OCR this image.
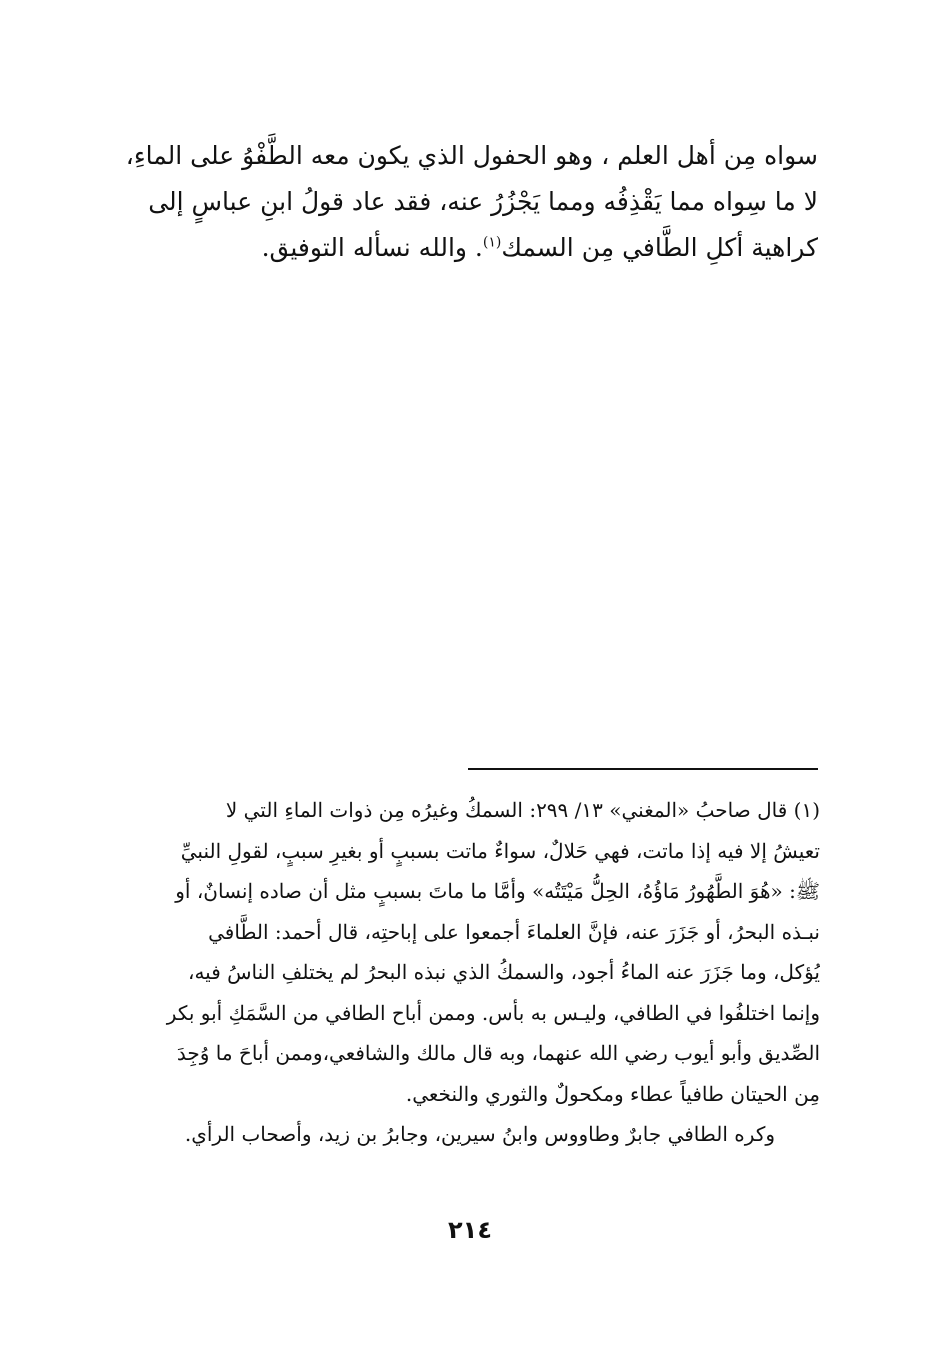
سواه مِن أهل العلم ، وهو الحفول الذي يكون معه الطَّفْوُ على الماءِ،
لا ما سِواه مما يَقْذِفُه ومما يَجْزُرُ عنه، فقد عاد قولُ ابنِ عباسٍ إلى
كراهية أكلِ الطَّافي مِن السمك$^{(١)}$. والله نسأله التوفيق.
(١) قال صاحبُ «المغني» ١٣/ ٢٩٩: السمكُ وغيرُه مِن ذوات الماءِ التي لا
تعيشُ إلا فيه إذا ماتت، فهي حَلالٌ، سواءٌ ماتت بسببٍ أو بغيرِ سببٍ، لقولِ النبيِّ
ﷺ: «هُوَ الطَّهُورُ مَاؤُهُ، الحِلُّ مَيْتَتُه» وأمَّا ما ماتَ بسببٍ مثل أن صاده إنسانٌ، أو
نبـذه البحرُ، أو جَزَرَ عنه، فإنَّ العلماءَ أجمعوا على إباحتِه، قال أحمد: الطَّافي
يُؤكل، وما جَزَرَ عنه الماءُ أجود، والسمكُ الذي نبذه البحرُ لم يختلفِ الناسُ فيه،
وإنما اختلفُوا في الطافي، وليـس به بأس. وممن أباح الطافي من السَّمَكِ أبو بكر
الصِّديق وأبو أيوب رضي الله عنهما، وبه قال مالك والشافعي،وممن أباحَ ما وُجِدَ
مِن الحيتان طافياً عطاء ومكحولٌ والثوري والنخعي.
وكره الطافي جابرٌ وطاووس وابنُ سيرين، وجابرُ بن زيد، وأصحاب الرأي.
٢١٤
